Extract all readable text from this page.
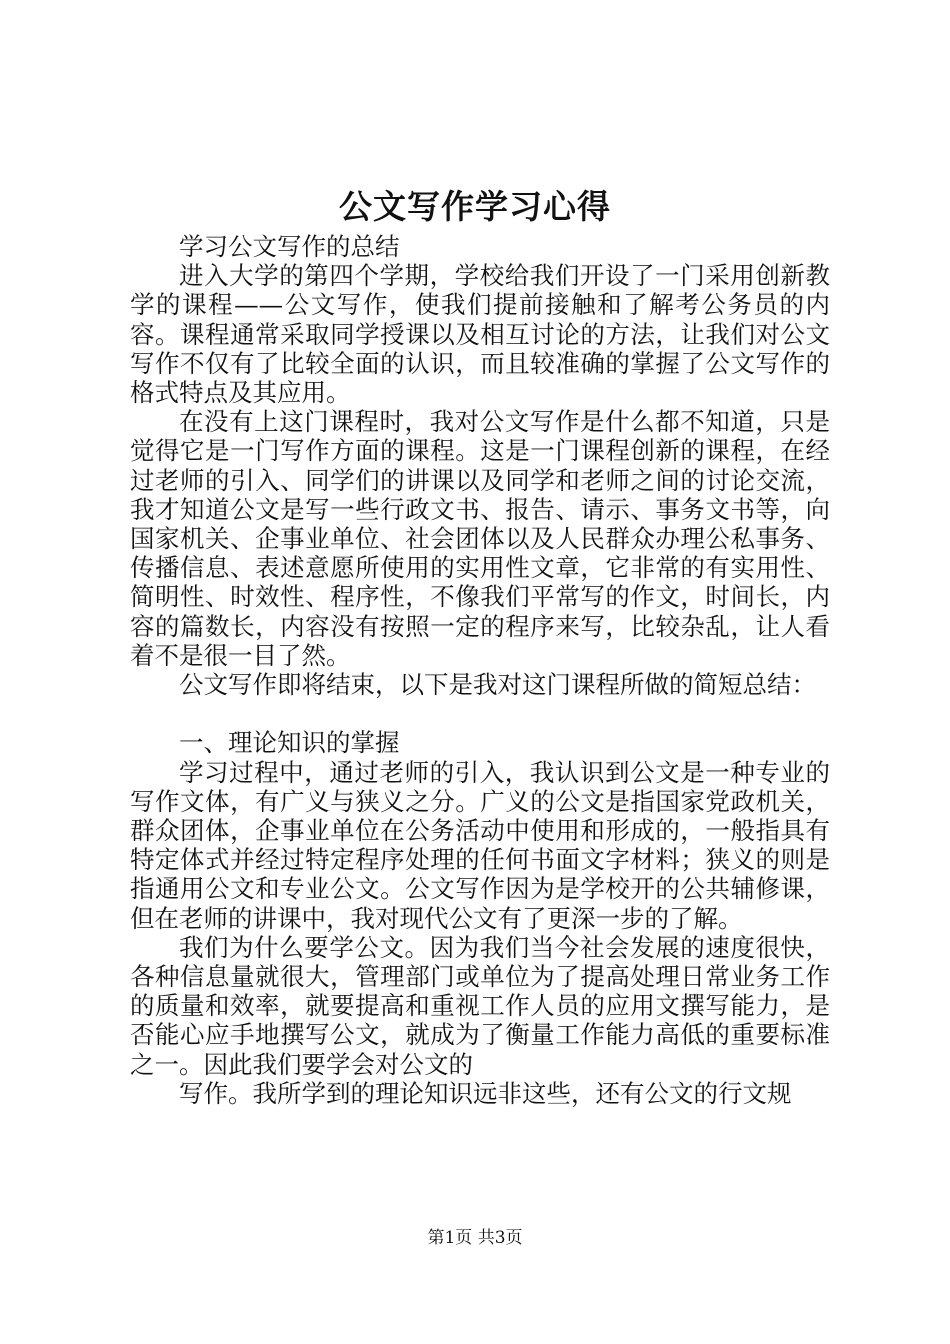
公文写作学习心得

学习公文写作的总结

进入大学的第四个学期，学校给我们开设了一门采用创新教学的课程——公文写作，使我们提前接触和了解考公务员的内容。课程通常采取同学授课以及相互讨论的方法，让我们对公文写作不仅有了比较全面的认识，而且较准确的掌握了公文写作的格式特点及其应用。

在没有上这门课程时，我对公文写作是什么都不知道，只是觉得它是一门写作方面的课程。这是一门课程创新的课程，在经过老师的引入、同学们的讲课以及同学和老师之间的讨论交流，我才知道公文是写一些行政文书、报告、请示、事务文书等，向国家机关、企事业单位、社会团体以及人民群众办理公私事务、传播信息、表述意愿所使用的实用性文章，它非常的有实用性、简明性、时效性、程序性，不像我们平常写的作文，时间长，内容的篇数长，内容没有按照一定的程序来写，比较杂乱，让人看着不是很一目了然。

公文写作即将结束，以下是我对这门课程所做的简短总结：

一、理论知识的掌握

学习过程中，通过老师的引入，我认识到公文是一种专业的写作文体，有广义与狭义之分。广义的公文是指国家党政机关，群众团体，企事业单位在公务活动中使用和形成的，一般指具有特定体式并经过特定程序处理的任何书面文字材料；狭义的则是指通用公文和专业公文。公文写作因为是学校开的公共辅修课，但在老师的讲课中，我对现代公文有了更深一步的了解。

我们为什么要学公文。因为我们当今社会发展的速度很快，各种信息量就很大，管理部门或单位为了提高处理日常业务工作的质量和效率，就要提高和重视工作人员的应用文撰写能力，是否能心应手地撰写公文，就成为了衡量工作能力高低的重要标准之一。因此我们要学会对公文的

写作。我所学到的理论知识远非这些，还有公文的行文规

第1页 共3页
